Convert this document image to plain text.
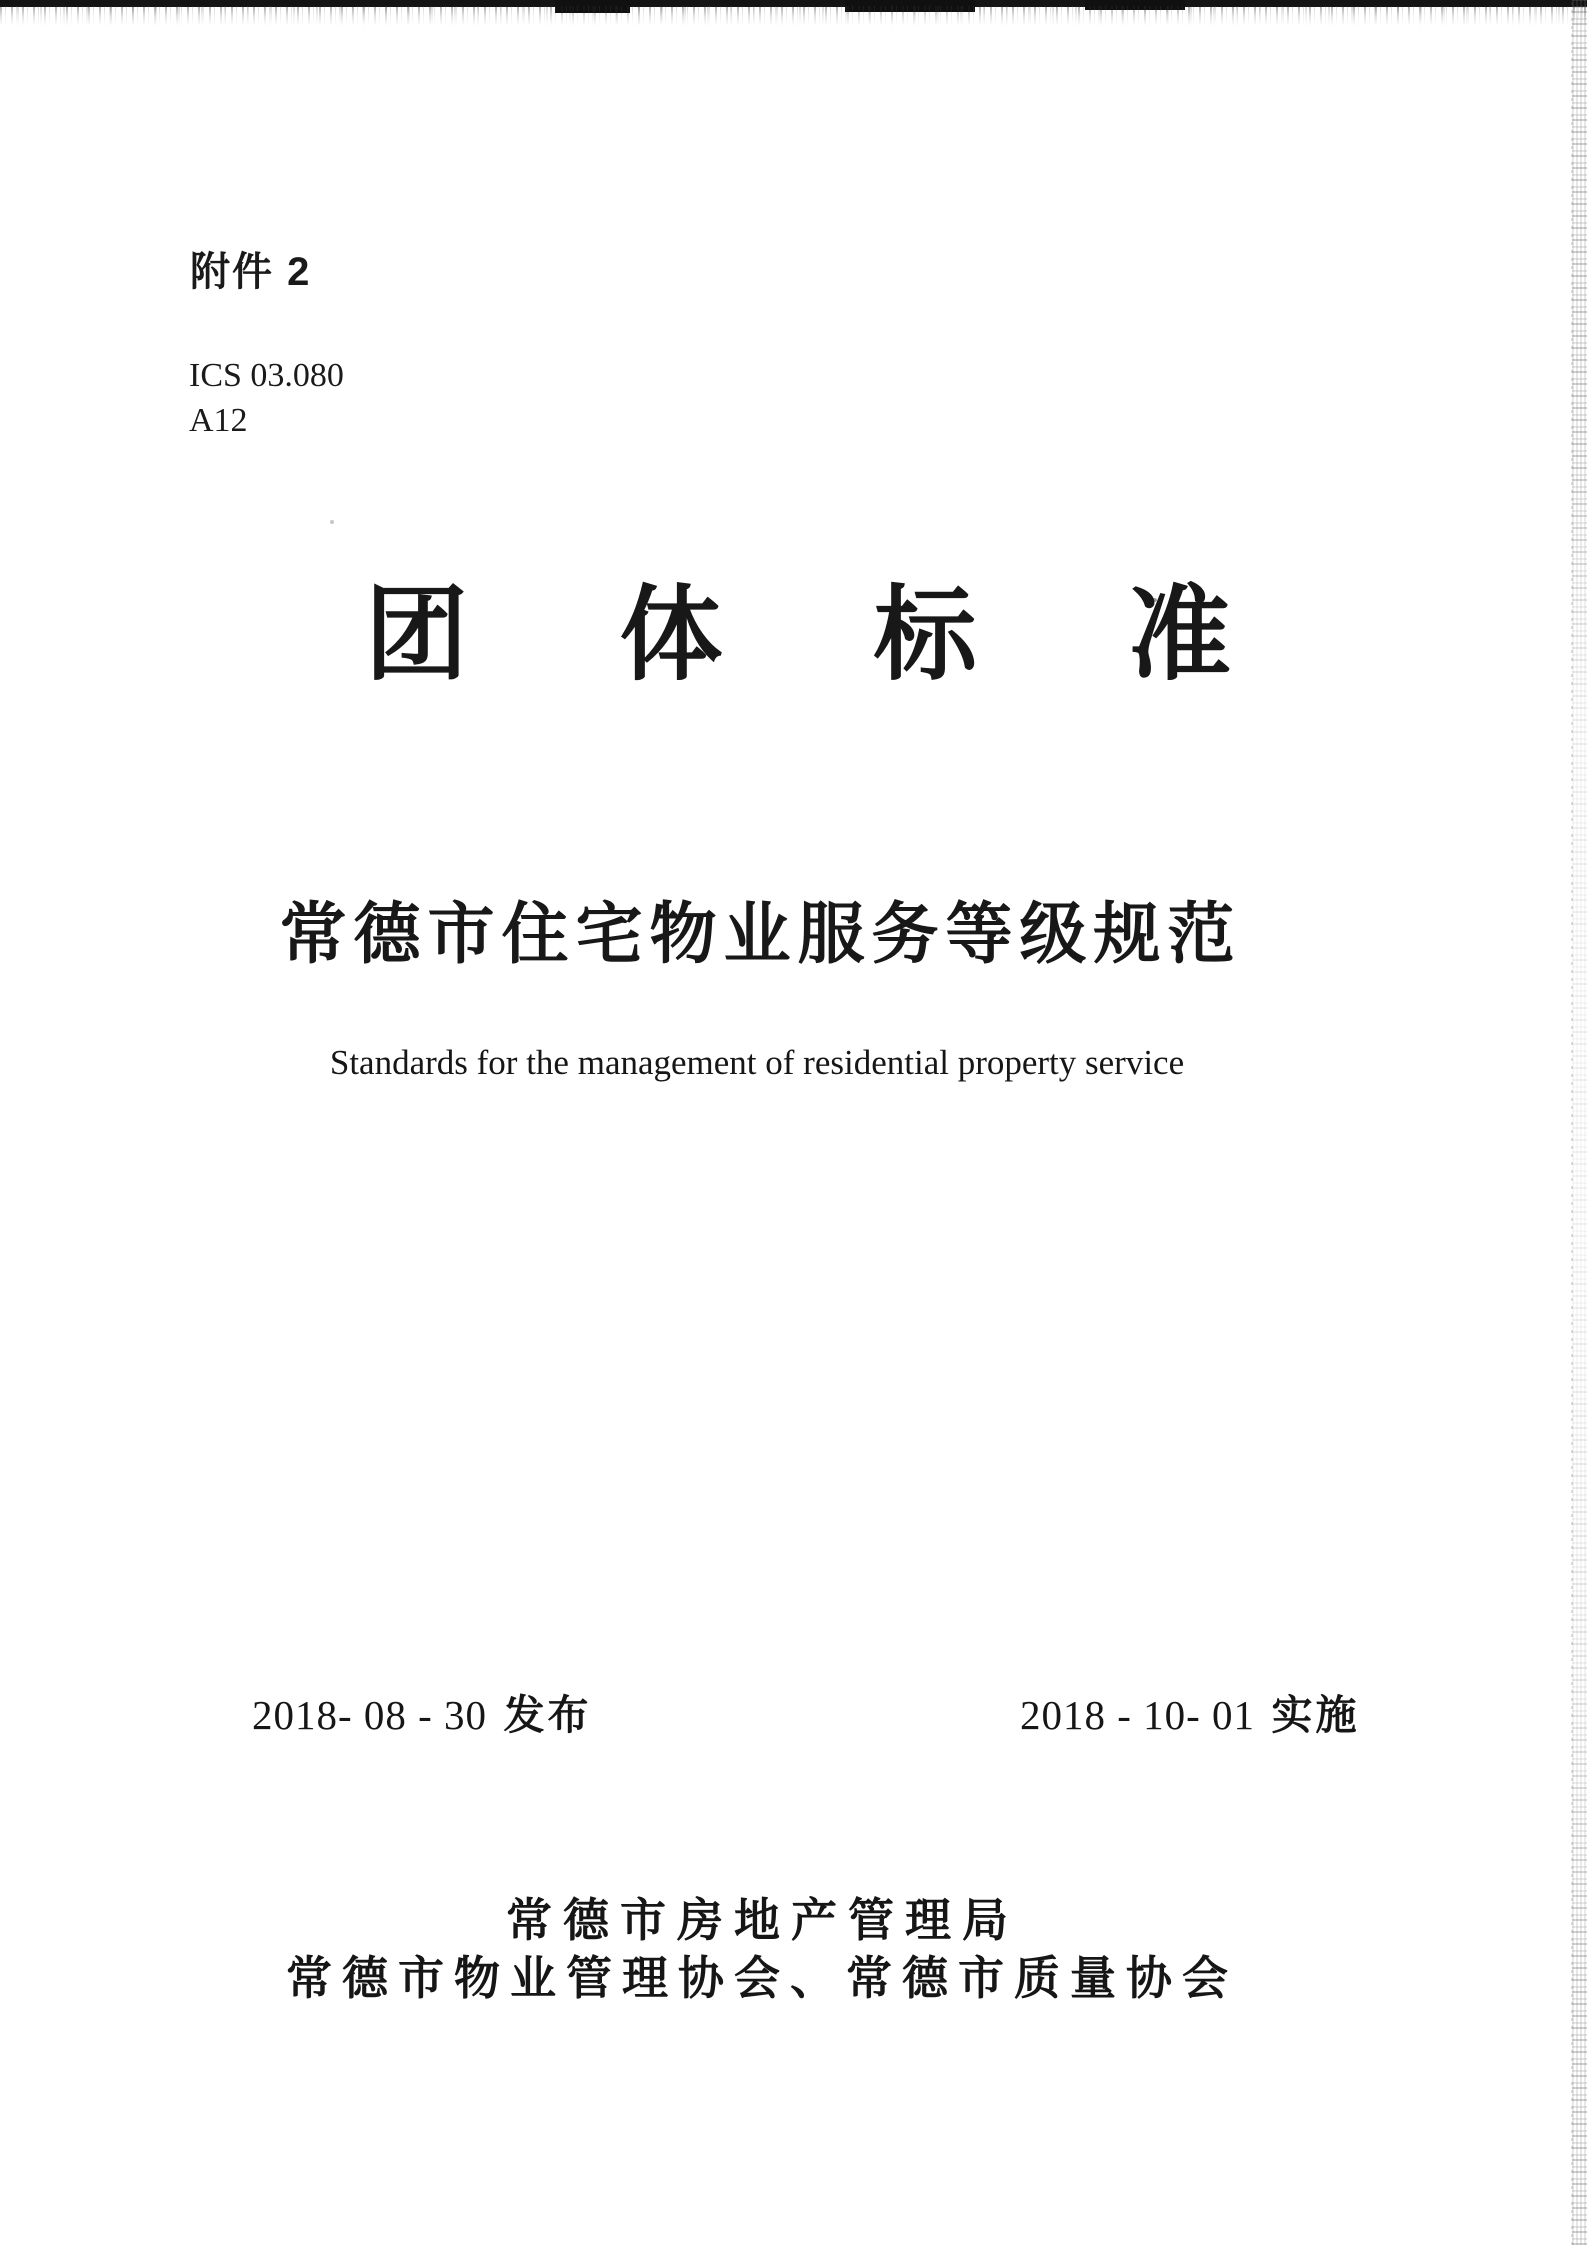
附件 2
ICS 03.080
A12
团 体 标 准
常德市住宅物业服务等级规范
Standards for the management of residential property service
2018- 08 - 30 发布	2018 - 10- 01 实施
常德市房地产管理局
常德市物业管理协会、常德市质量协会
